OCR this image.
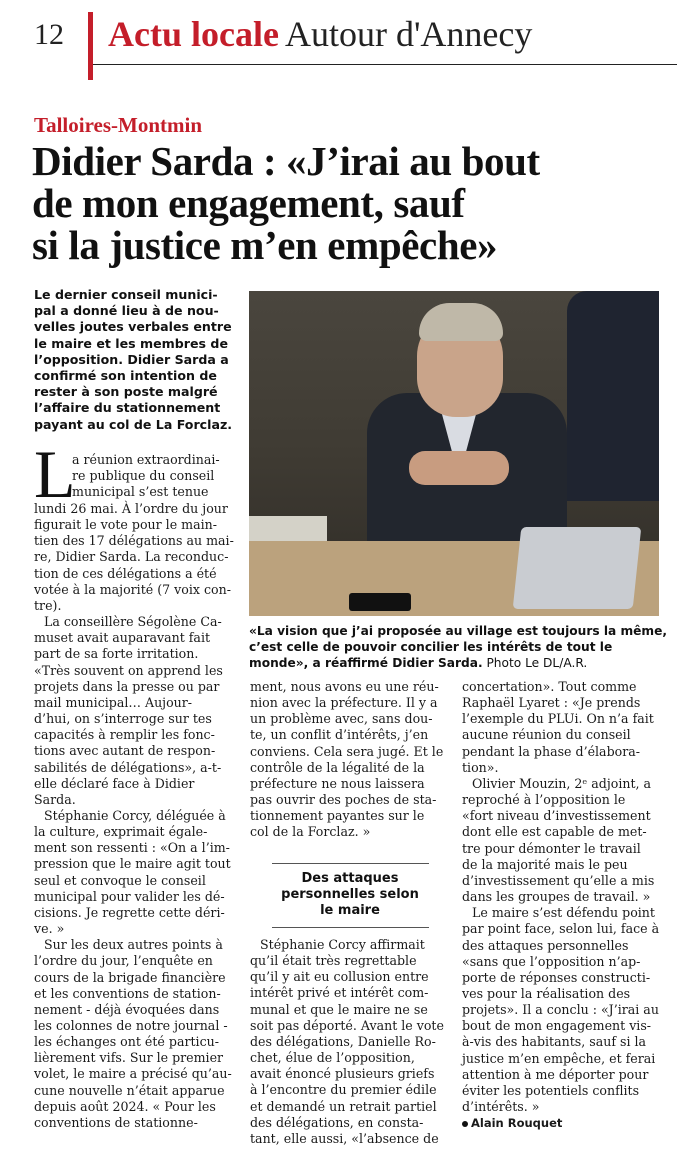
12 Actu locale Autour d'Annecy
Talloires-Montmin
Didier Sarda : «J’irai au bout
de mon engagement, sauf
si la justice m’en empêche»
Le dernier conseil munici-
pal a donné lieu à de nou-
velles joutes verbales entre
le maire et les membres de
l’opposition. Didier Sarda a
confirmé son intention de
rester à son poste malgré
l’affaire du stationnement
payant au col de La Forclaz.
L
a réunion extraordinai-
re publique du conseil
municipal s’est tenue
lundi 26 mai. À l’ordre du jour
figurait le vote pour le main-
tien des 17 délégations au mai-
re, Didier Sarda. La reconduc-
tion de ces délégations a été
votée à la majorité (7 voix con-
tre).
La conseillère Ségolène Ca-
muset avait auparavant fait
part de sa forte irritation.
«Très souvent on apprend les
projets dans la presse ou par
mail municipal… Aujour-
d’hui, on s’interroge sur tes
capacités à remplir les fonc-
tions avec autant de respon-
sabilités de délégations», a-t-
elle déclaré face à Didier
Sarda.
Stéphanie Corcy, déléguée à
la culture, exprimait égale-
ment son ressenti : «On a l’im-
pression que le maire agit tout
seul et convoque le conseil
municipal pour valider les dé-
cisions. Je regrette cette déri-
ve. »
Sur les deux autres points à
l’ordre du jour, l’enquête en
cours de la brigade financière
et les conventions de station-
nement - déjà évoquées dans
les colonnes de notre journal -
les échanges ont été particu-
lièrement vifs. Sur le premier
volet, le maire a précisé qu’au-
cune nouvelle n’était apparue
depuis août 2024. « Pour les
conventions de stationne-
«La vision que j’ai proposée au village est toujours la même,
c’est celle de pouvoir concilier les intérêts de tout le
monde», a réaffirmé Didier Sarda. Photo Le DL/A.R.
ment, nous avons eu une réu-
nion avec la préfecture. Il y a
un problème avec, sans dou-
te, un conflit d’intérêts, j’en
conviens. Cela sera jugé. Et le
contrôle de la légalité de la
préfecture ne nous laissera
pas ouvrir des poches de sta-
tionnement payantes sur le
col de la Forclaz. »
Des attaques
personnelles selon
le maire
Stéphanie Corcy affirmait
qu’il était très regrettable
qu’il y ait eu collusion entre
intérêt privé et intérêt com-
munal et que le maire ne se
soit pas déporté. Avant le vote
des délégations, Danielle Ro-
chet, élue de l’opposition,
avait énoncé plusieurs griefs
à l’encontre du premier édile
et demandé un retrait partiel
des délégations, en consta-
tant, elle aussi, «l’absence de
concertation». Tout comme
Raphaël Lyaret : «Je prends
l’exemple du PLUi. On n’a fait
aucune réunion du conseil
pendant la phase d’élabora-
tion».
Olivier Mouzin, 2ᵉ adjoint, a
reproché à l’opposition le
«fort niveau d’investissement
dont elle est capable de met-
tre pour démonter le travail
de la majorité mais le peu
d’investissement qu’elle a mis
dans les groupes de travail. »
Le maire s’est défendu point
par point face, selon lui, face à
des attaques personnelles
«sans que l’opposition n’ap-
porte de réponses constructi-
ves pour la réalisation des
projets». Il a conclu : «J’irai au
bout de mon engagement vis-
à-vis des habitants, sauf si la
justice m’en empêche, et ferai
attention à me déporter pour
éviter les potentiels conflits
d’intérêts. »
Alain Rouquet
